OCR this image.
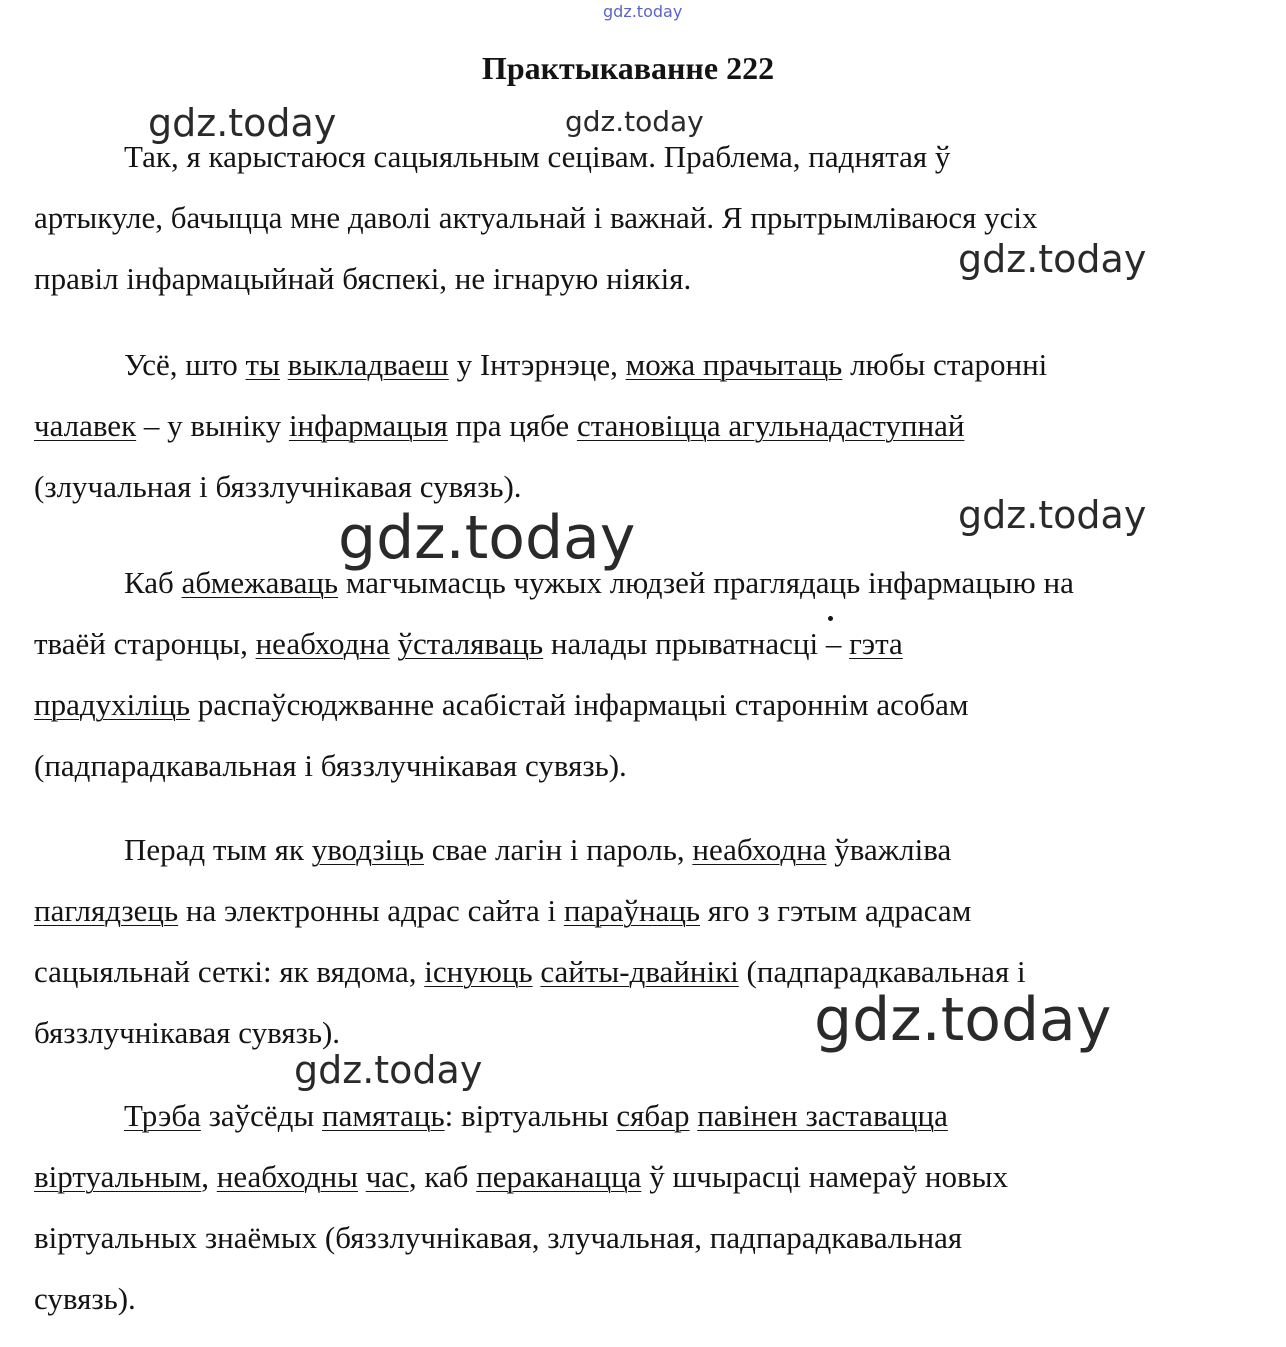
gdz.today
gdz.today	gdz.today
gdz.today
gdz.today	gdz.today
gdz.today
gdz.today
Практыкаванне 222
Так, я карыстаюся сацыяльным сецівам. Праблема, паднятая ў
артыкуле, бачыцца мне даволі актуальнай і важнай. Я прытрымліваюся усіх
правіл інфармацыйнай бяспекі, не ігнарую ніякія.
Усё, што ты выкладваеш у Інтэрнэце, можа прачытаць любы староннi
чалавек – у выніку інфармацыя пра цябе становіцца агульнадаступнай
(злучальная і бяззлучнікавая сувязь).
Каб абмежаваць магчымасць чужых людзей праглядаць інфармацыю на
тваёй старонцы, неабходна ўсталяваць налады прыватнасці – гэта
прадухіліць распаўсюджванне асабістай інфармацыі староннім асобам
(падпарадкавальная і бяззлучнікавая сувязь).
Перад тым як уводзіць свае лагін і пароль, неабходна ўважліва
паглядзець на электронны адрас сайта і параўнаць яго з гэтым адрасам
сацыяльнай сеткі: як вядома, існуюць сайты-двайнікі (падпарадкавальная і
бяззлучнікавая сувязь).
Трэба заўсёды памятаць: віртуальны сябар павінен заставацца
віртуальным, неабходны час, каб пераканацца ў шчырасці намераў новых
віртуальных знаёмых (бяззлучнікавая, злучальная, падпарадкавальная
сувязь).
